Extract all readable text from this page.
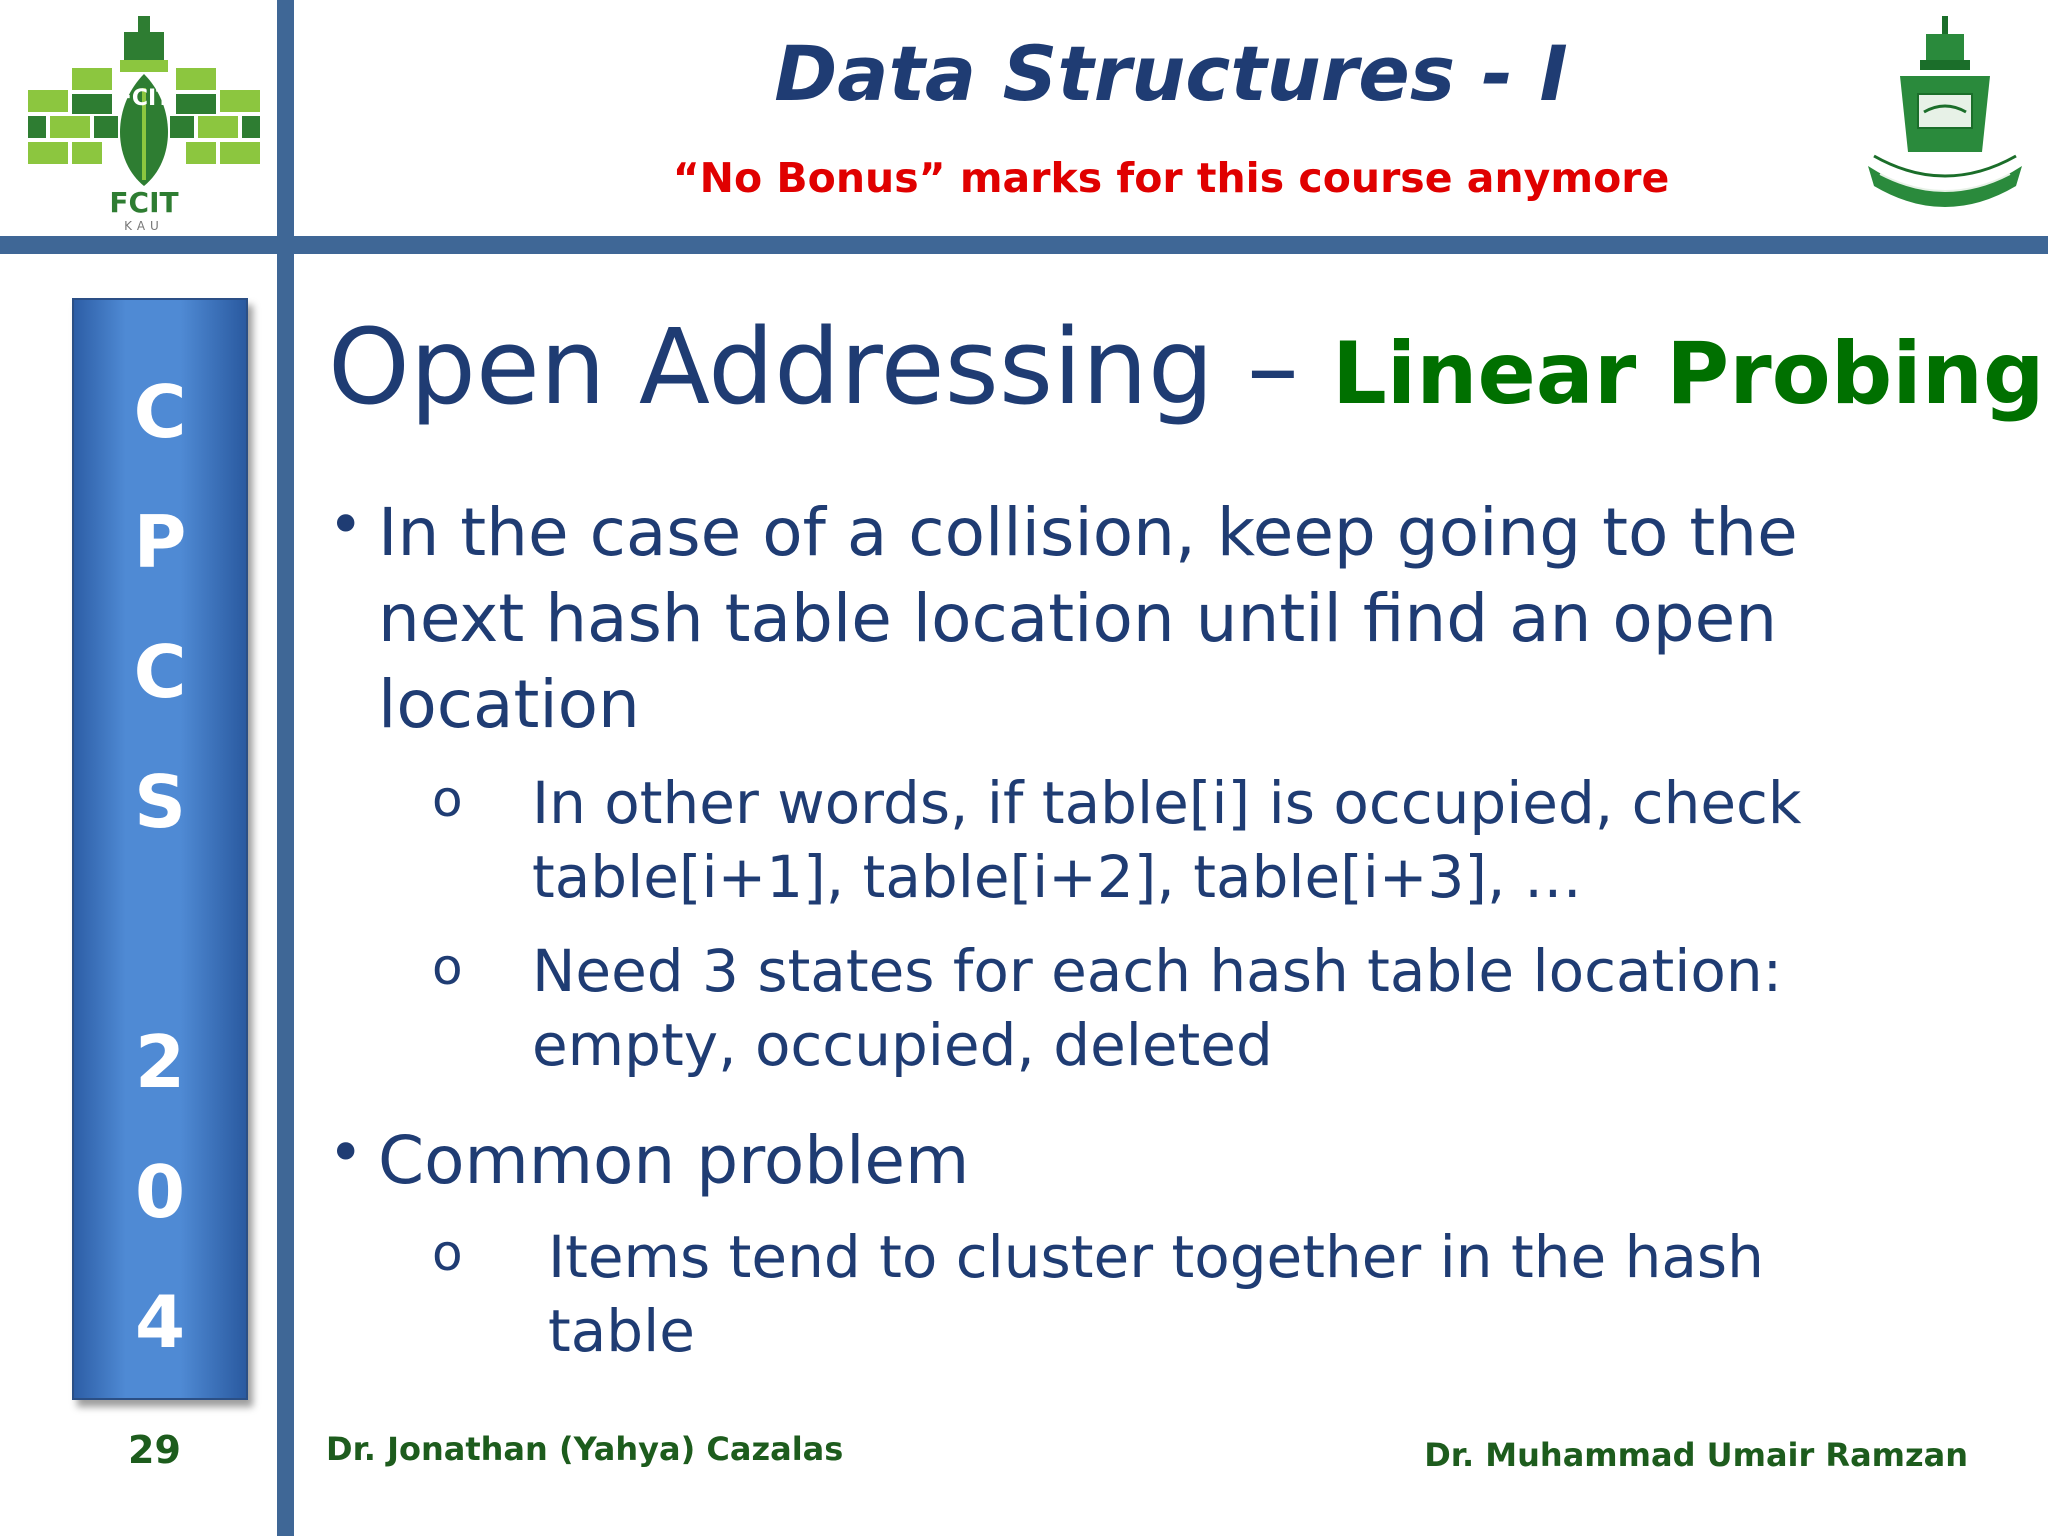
FCIT
FCIT
KAU
Data Structures - I
“No Bonus” marks for this course anymore
C
P
C
S
2
0
4
Open Addressing – Linear Probing
• In the case of a collision, keep going to the
next hash table location until find an open
location
o In other words, if table[i] is occupied, check
table[i+1], table[i+2], table[i+3], …
o Need 3 states for each hash table location:
empty, occupied, deleted
• Common problem
o Items tend to cluster together in the hash
table
29	Dr. Jonathan (Yahya) Cazalas	Dr. Muhammad Umair Ramzan
